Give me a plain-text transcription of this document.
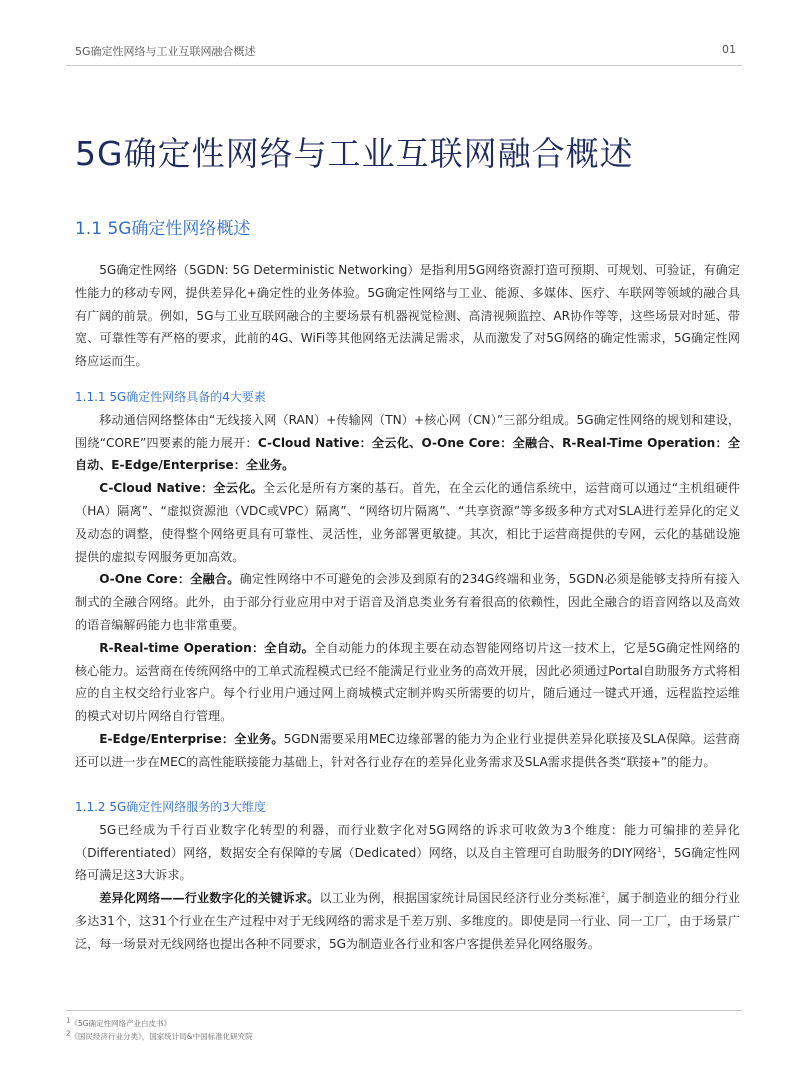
5G确定性网络与工业互联网融合概述	01
5G确定性网络与工业互联网融合概述
1.1 5G确定性网络概述

5G确定性网络（5GDN: 5G Deterministic Networking）是指利用5G网络资源打造可预期、可规划、可验证，有确定性能力的移动专网，提供差异化+确定性的业务体验。5G确定性网络与工业、能源、多媒体、医疗、车联网等领域的融合具有广阔的前景。例如，5G与工业互联网融合的主要场景有机器视觉检测、高清视频监控、AR协作等等，这些场景对时延、带宽、可靠性等有严格的要求，此前的4G、WiFi等其他网络无法满足需求，从而激发了对5G网络的确定性需求，5G确定性网络应运而生。

1.1.1 5G确定性网络具备的4大要素

移动通信网络整体由“无线接入网（RAN）+传输网（TN）+核心网（CN）”三部分组成。5G确定性网络的规划和建设，围绕“CORE”四要素的能力展开：C-Cloud Native：全云化、O-One Core：全融合、R-Real-Time Operation：全自动、E-Edge/Enterprise：全业务。

C-Cloud Native：全云化。全云化是所有方案的基石。首先，在全云化的通信系统中，运营商可以通过“主机组硬件（HA）隔离”、“虚拟资源池（VDC或VPC）隔离”、“网络切片隔离”、“共享资源”等多级多种方式对SLA进行差异化的定义及动态的调整，使得整个网络更具有可靠性、灵活性，业务部署更敏捷。其次，相比于运营商提供的专网，云化的基础设施提供的虚拟专网服务更加高效。

O-One Core：全融合。确定性网络中不可避免的会涉及到原有的234G终端和业务，5GDN必须是能够支持所有接入制式的全融合网络。此外，由于部分行业应用中对于语音及消息类业务有着很高的依赖性，因此全融合的语音网络以及高效的语音编解码能力也非常重要。

R-Real-time Operation：全自动。全自动能力的体现主要在动态智能网络切片这一技术上，它是5G确定性网络的核心能力。运营商在传统网络中的工单式流程模式已经不能满足行业业务的高效开展，因此必须通过Portal自助服务方式将相应的自主权交给行业客户。每个行业用户通过网上商城模式定制并购买所需要的切片，随后通过一键式开通，远程监控运维的模式对切片网络自行管理。

E-Edge/Enterprise：全业务。5GDN需要采用MEC边缘部署的能力为企业行业提供差异化联接及SLA保障。运营商还可以进一步在MEC的高性能联接能力基础上，针对各行业存在的差异化业务需求及SLA需求提供各类“联接+”的能力。

1.1.2 5G确定性网络服务的3大维度

5G已经成为千行百业数字化转型的利器，而行业数字化对5G网络的诉求可收敛为3个维度：能力可编排的差异化（Differentiated）网络，数据安全有保障的专属（Dedicated）网络，以及自主管理可自助服务的DIY网络$^1$，5G确定性网络可满足这3大诉求。

差异化网络——行业数字化的关键诉求。以工业为例，根据国家统计局国民经济行业分类标准$^2$，属于制造业的细分行业多达31个，这31个行业在生产过程中对于无线网络的需求是千差万别、多维度的。即使是同一行业、同一工厂，由于场景广泛，每一场景对无线网络也提出各种不同要求，5G为制造业各行业和客户客提供差异化网络服务。

$^1$《5G确定性网络产业白皮书》

$^2$《国民经济行业分类》，国家统计局&中国标准化研究院
